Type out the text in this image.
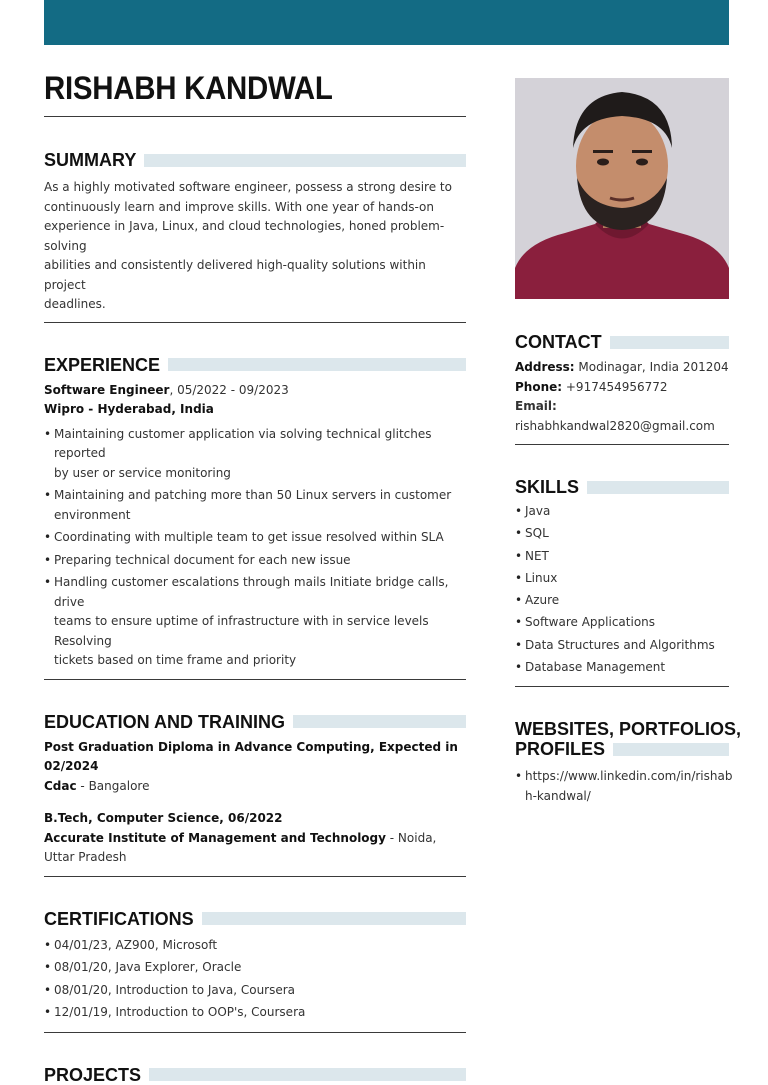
RISHABH KANDWAL
SUMMARY
As a highly motivated software engineer, possess a strong desire to
continuously learn and improve skills. With one year of hands-on
experience in Java, Linux, and cloud technologies, honed problem- solving
abilities and consistently delivered high-quality solutions within project
deadlines.
EXPERIENCE
Software Engineer, 05/2022 - 09/2023
Wipro - Hyderabad, India
• Maintaining customer application via solving technical glitches reported
by user or service monitoring
• Maintaining and patching more than 50 Linux servers in customer
environment
• Coordinating with multiple team to get issue resolved within SLA
• Preparing technical document for each new issue
• Handling customer escalations through mails Initiate bridge calls, drive
teams to ensure uptime of infrastructure with in service levels Resolving
tickets based on time frame and priority
EDUCATION AND TRAINING
Post Graduation Diploma in Advance Computing, Expected in 02/2024
Cdac - Bangalore
B.Tech, Computer Science, 06/2022
Accurate Institute of Management and Technology - Noida, Uttar Pradesh
CERTIFICATIONS
• 04/01/23, AZ900, Microsoft
• 08/01/20, Java Explorer, Oracle
• 08/01/20, Introduction to Java, Coursera
• 12/01/19, Introduction to OOP's, Coursera
PROJECTS
CONTACT
Address: Modinagar, India 201204
Phone: +917454956772
Email:
rishabhkandwal2820@gmail.com
SKILLS
• Java
• SQL
• NET
• Linux
• Azure
• Software Applications
• Data Structures and Algorithms
• Database Management
WEBSITES, PORTFOLIOS,
PROFILES
• https://www.linkedin.com/in/rishab
h-kandwal/
